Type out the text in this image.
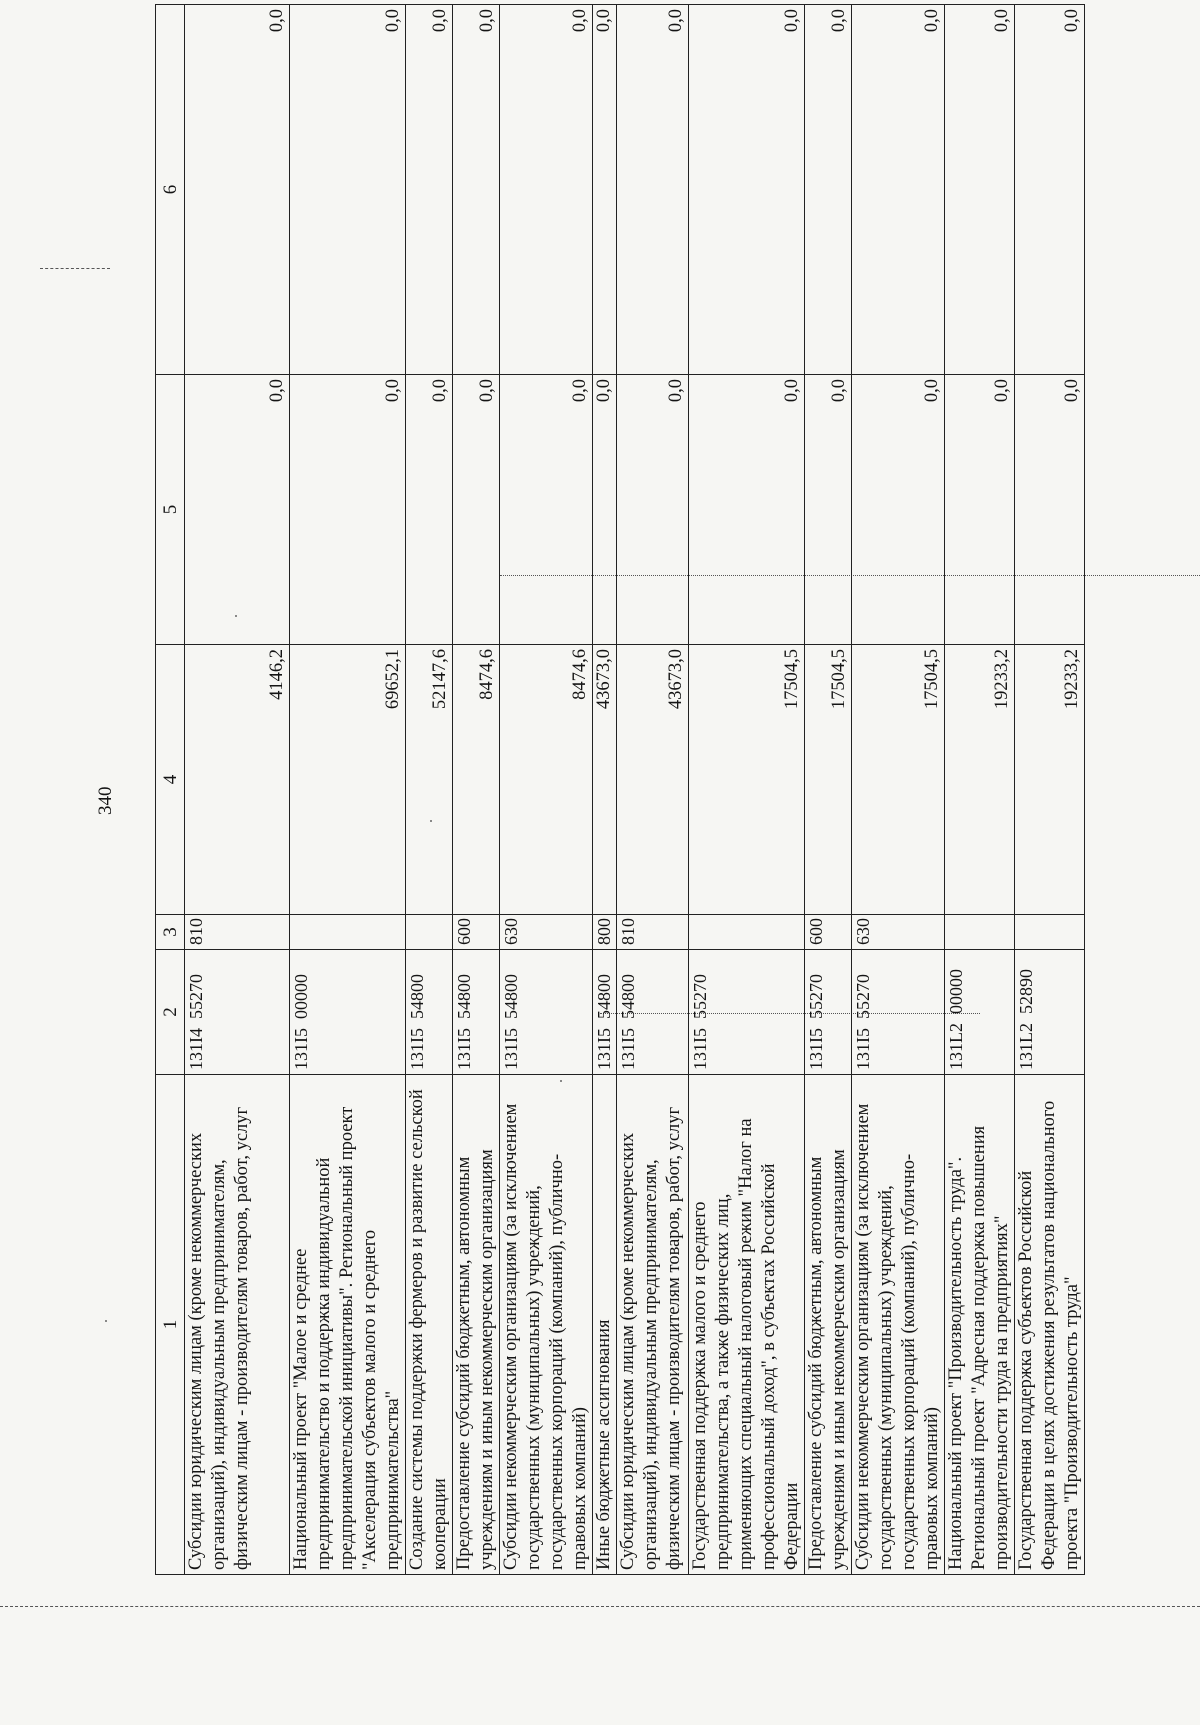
340
1	2	3	4	5	6
Субсидии юридическим лицам (кроме некоммерческих организаций), индивидуальным предпринимателям, физическим лицам - производителям товаров, работ, услуг	131I4  55270	810	4146,2	0,0	0,0
Национальный проект "Малое и среднее предпринимательство и поддержка индивидуальной предпринимательской инициативы". Региональный проект "Акселерация субъектов малого и среднего предпринимательства"	131I5  00000		69652,1	0,0	0,0
Создание системы поддержки фермеров и развитие сельской кооперации	131I5  54800		52147,6	0,0	0,0
Предоставление субсидий бюджетным, автономным учреждениям и иным некоммерческим организациям	131I5  54800	600	8474,6	0,0	0,0
Субсидии некоммерческим организациям (за исключением государственных (муниципальных) учреждений, государственных корпораций (компаний), публично-правовых компаний)	131I5  54800	630	8474,6	0,0	0,0
Иные бюджетные ассигнования	131I5  54800	800	43673,0	0,0	0,0
Субсидии юридическим лицам (кроме некоммерческих организаций), индивидуальным предпринимателям, физическим лицам - производителям товаров, работ, услуг	131I5  54800	810	43673,0	0,0	0,0
Государственная поддержка малого и среднего предпринимательства, а также физических лиц, применяющих специальный налоговый режим "Налог на профессиональный доход", в субъектах Российской Федерации	131I5  55270		17504,5	0,0	0,0
Предоставление субсидий бюджетным, автономным учреждениям и иным некоммерческим организациям	131I5  55270	600	17504,5	0,0	0,0
Субсидии некоммерческим организациям (за исключением государственных (муниципальных) учреждений, государственных корпораций (компаний), публично-правовых компаний)	131I5  55270	630	17504,5	0,0	0,0
Национальный проект "Производительность труда". Региональный проект "Адресная поддержка повышения производительности труда на предприятиях"	131L2  00000		19233,2	0,0	0,0
Государственная поддержка субъектов Российской Федерации в целях достижения результатов национального проекта "Производительность труда"	131L2  52890		19233,2	0,0	0,0
